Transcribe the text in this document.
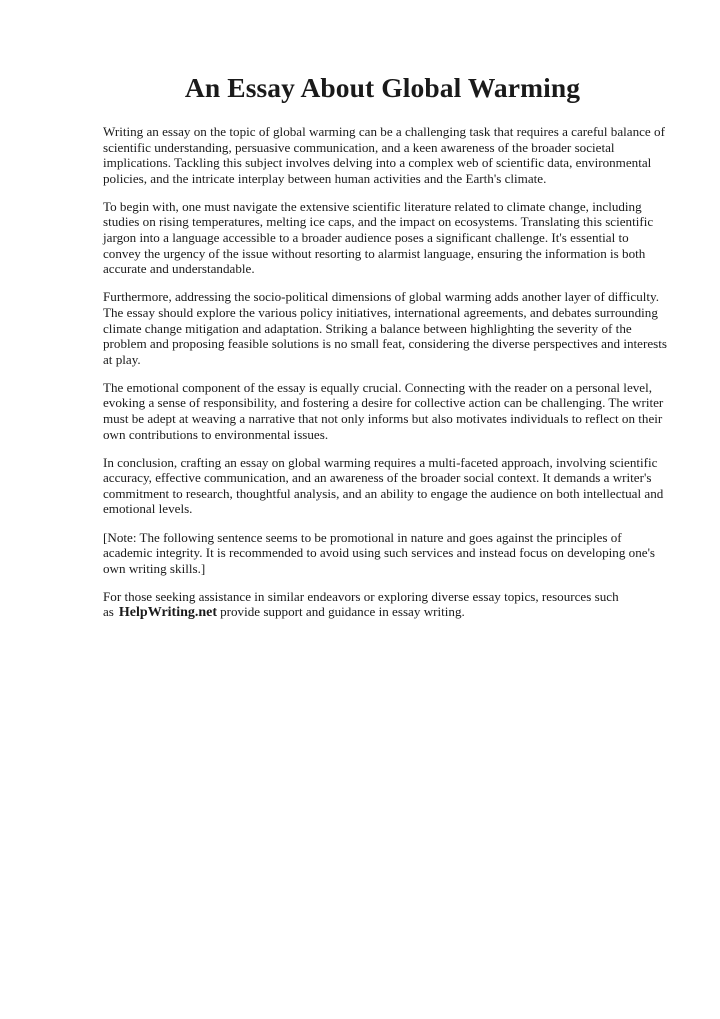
An Essay About Global Warming

Writing an essay on the topic of global warming can be a challenging task that requires a careful balance of scientific understanding, persuasive communication, and a keen awareness of the broader societal implications. Tackling this subject involves delving into a complex web of scientific data, environmental policies, and the intricate interplay between human activities and the Earth's climate.

To begin with, one must navigate the extensive scientific literature related to climate change, including studies on rising temperatures, melting ice caps, and the impact on ecosystems. Translating this scientific jargon into a language accessible to a broader audience poses a significant challenge. It's essential to convey the urgency of the issue without resorting to alarmist language, ensuring the information is both accurate and understandable.

Furthermore, addressing the socio-political dimensions of global warming adds another layer of difficulty. The essay should explore the various policy initiatives, international agreements, and debates surrounding climate change mitigation and adaptation. Striking a balance between highlighting the severity of the problem and proposing feasible solutions is no small feat, considering the diverse perspectives and interests at play.

The emotional component of the essay is equally crucial. Connecting with the reader on a personal level, evoking a sense of responsibility, and fostering a desire for collective action can be challenging. The writer must be adept at weaving a narrative that not only informs but also motivates individuals to reflect on their own contributions to environmental issues.

In conclusion, crafting an essay on global warming requires a multi-faceted approach, involving scientific accuracy, effective communication, and an awareness of the broader social context. It demands a writer's commitment to research, thoughtful analysis, and an ability to engage the audience on both intellectual and emotional levels.

[Note: The following sentence seems to be promotional in nature and goes against the principles of academic integrity. It is recommended to avoid using such services and instead focus on developing one's own writing skills.]

For those seeking assistance in similar endeavors or exploring diverse essay topics, resources such as HelpWriting.net provide support and guidance in essay writing.
